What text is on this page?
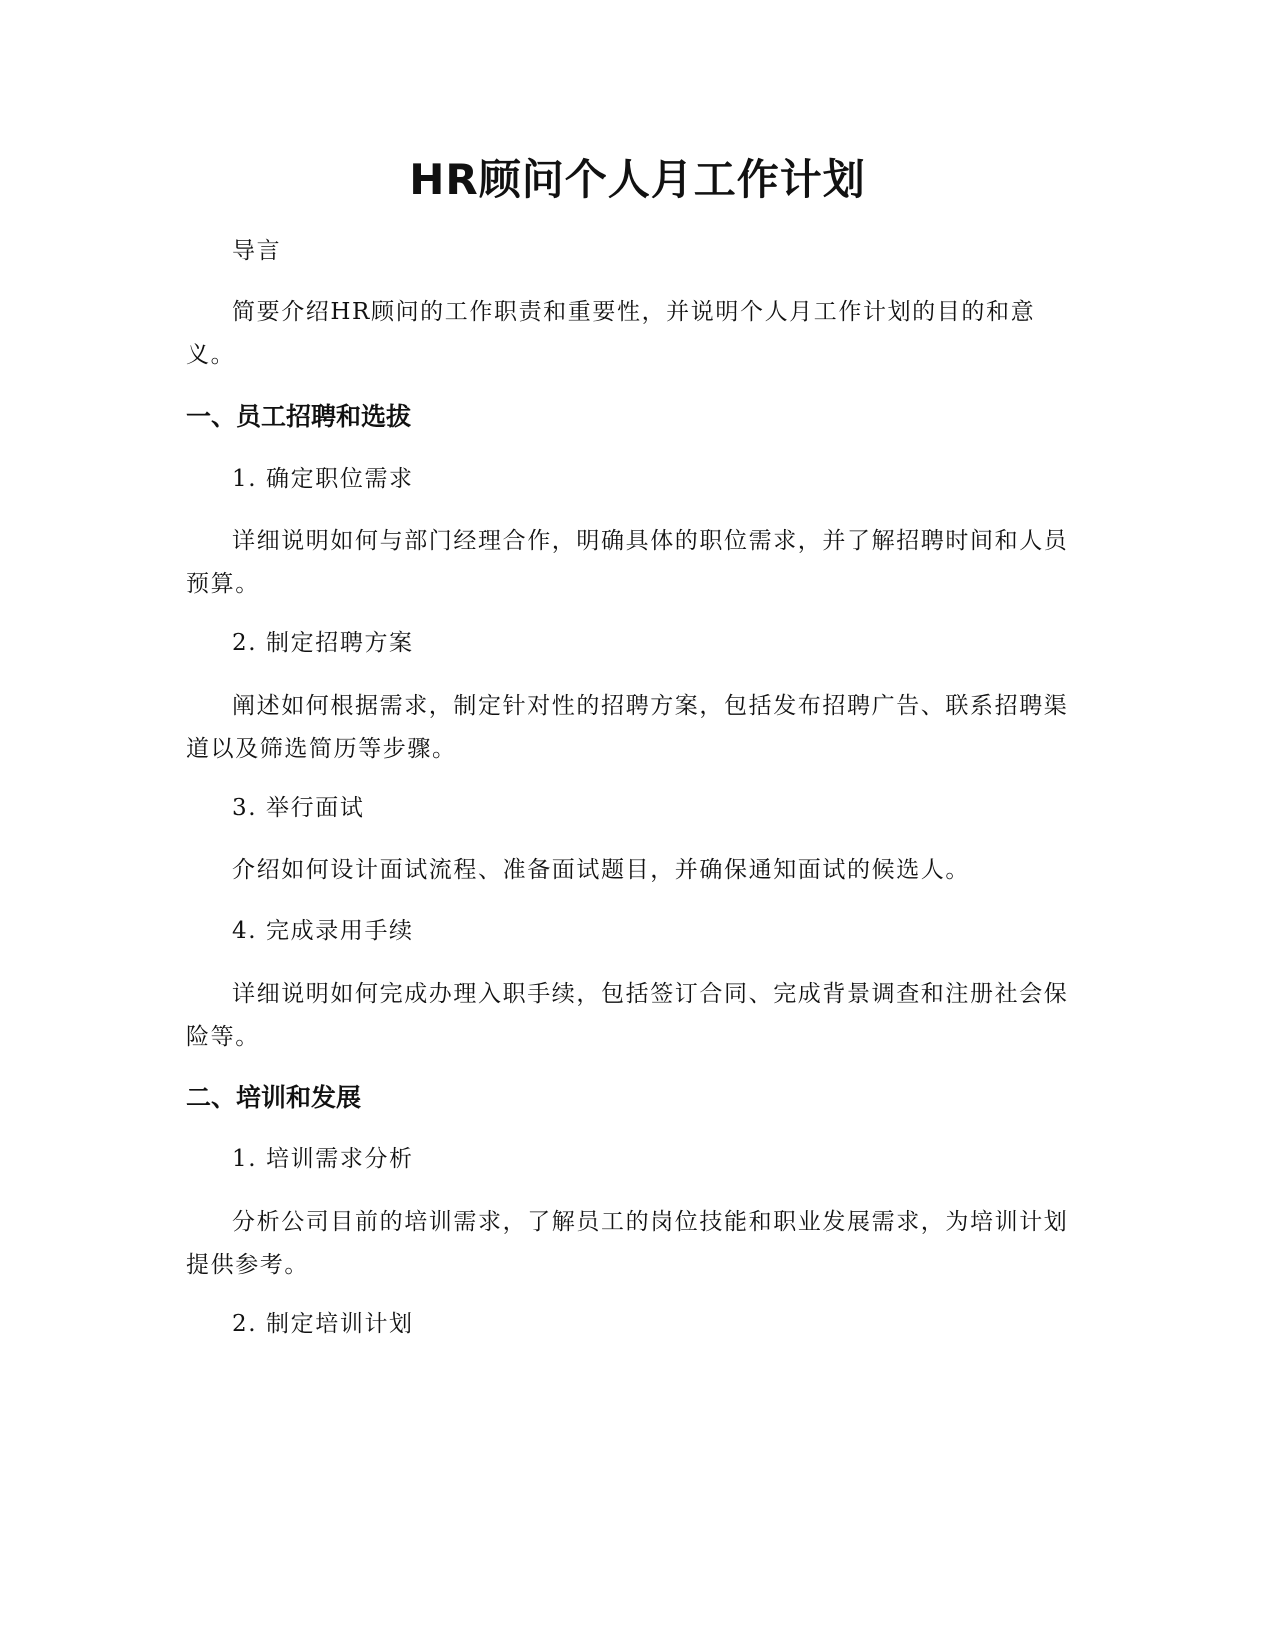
HR顾问个人月工作计划

导言

简要介绍HR顾问的工作职责和重要性，并说明个人月工作计划的目的和意义。

一、员工招聘和选拔

1. 确定职位需求

详细说明如何与部门经理合作，明确具体的职位需求，并了解招聘时间和人员预算。

2. 制定招聘方案

阐述如何根据需求，制定针对性的招聘方案，包括发布招聘广告、联系招聘渠道以及筛选简历等步骤。

3. 举行面试

介绍如何设计面试流程、准备面试题目，并确保通知面试的候选人。

4. 完成录用手续

详细说明如何完成办理入职手续，包括签订合同、完成背景调查和注册社会保险等。

二、培训和发展

1. 培训需求分析

分析公司目前的培训需求，了解员工的岗位技能和职业发展需求，为培训计划提供参考。

2. 制定培训计划
